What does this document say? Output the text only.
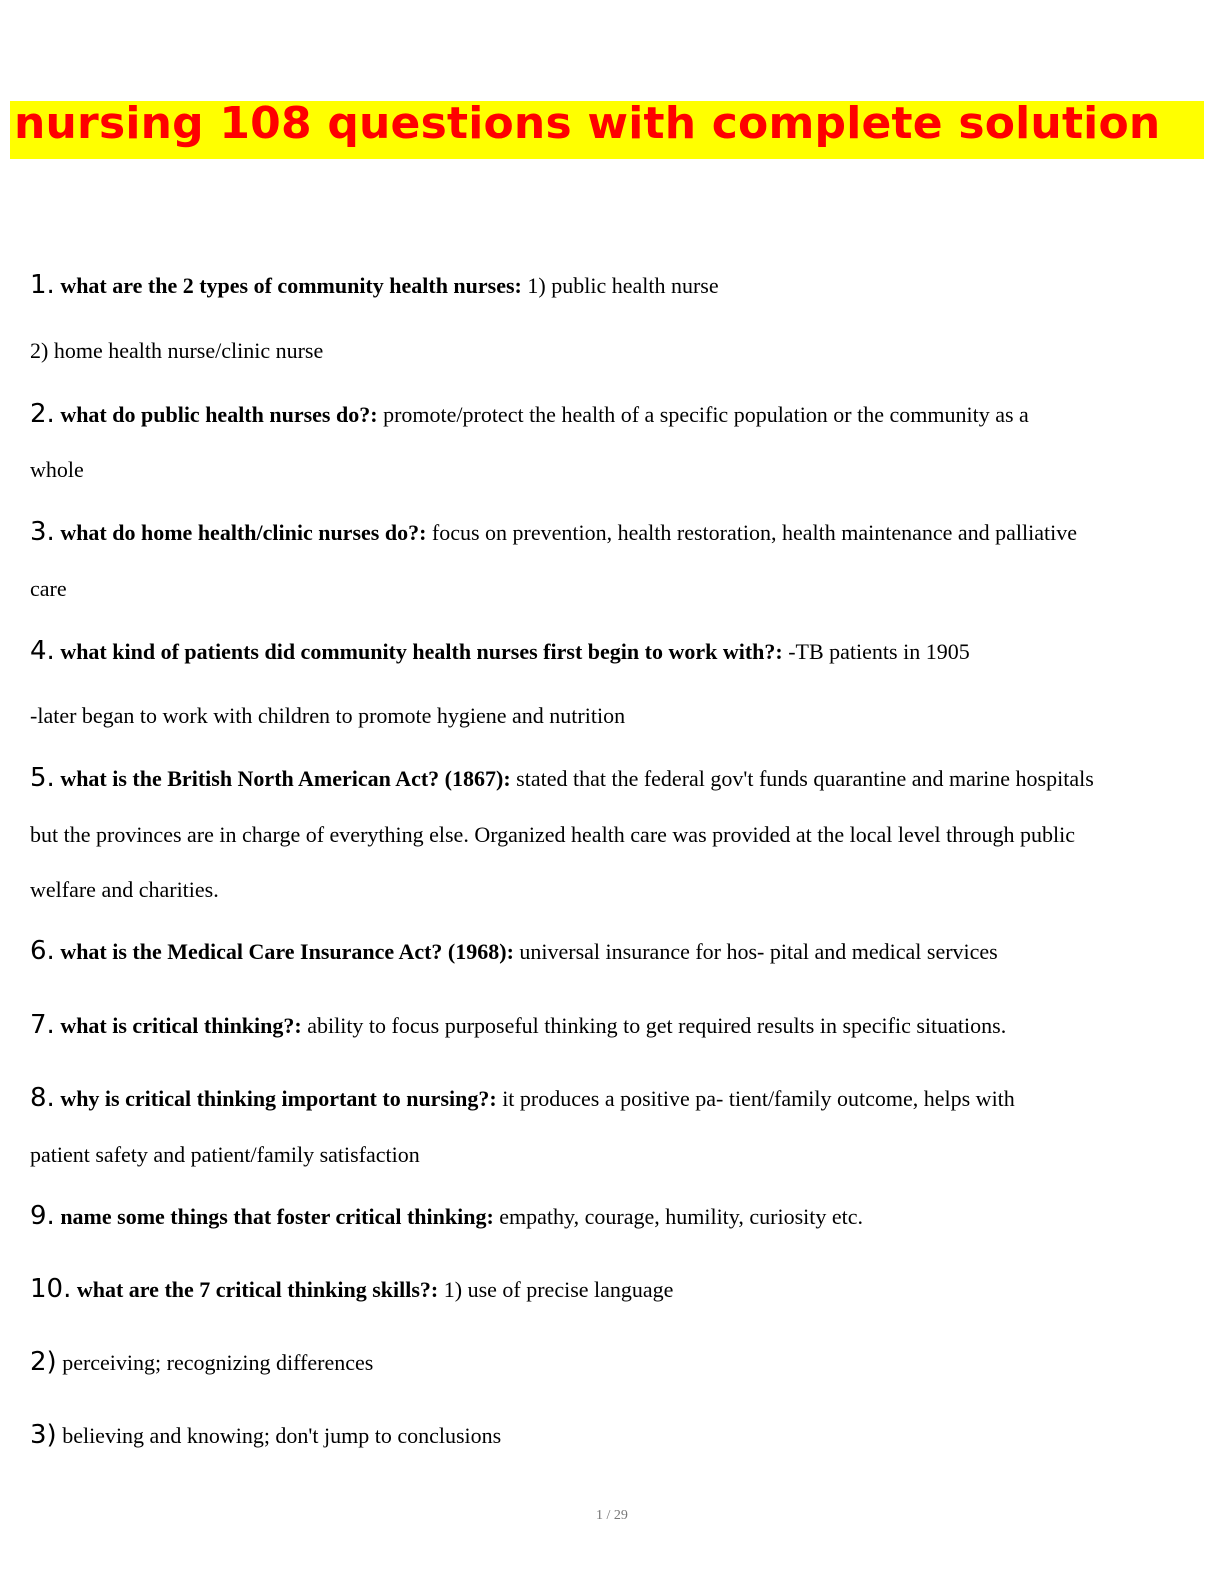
nursing 108 questions with complete solution
1. what are the 2 types of community health nurses: 1) public health nurse
2) home health nurse/clinic nurse
2. what do public health nurses do?: promote/protect the health of a specific population or the community as a
whole
3. what do home health/clinic nurses do?: focus on prevention, health restoration, health maintenance and palliative
care
4. what kind of patients did community health nurses first begin to work with?: -TB patients in 1905
-later began to work with children to promote hygiene and nutrition
5. what is the British North American Act? (1867): stated that the federal gov't funds quarantine and marine hospitals
but the provinces are in charge of everything else. Organized health care was provided at the local level through public
welfare and charities.
6. what is the Medical Care Insurance Act? (1968): universal insurance for hos- pital and medical services
7. what is critical thinking?: ability to focus purposeful thinking to get required results in specific situations.
8. why is critical thinking important to nursing?: it produces a positive pa- tient/family outcome, helps with
patient safety and patient/family satisfaction
9. name some things that foster critical thinking: empathy, courage, humility, curiosity etc.
10. what are the 7 critical thinking skills?: 1) use of precise language
2) perceiving; recognizing differences
3) believing and knowing; don't jump to conclusions
1 / 29
